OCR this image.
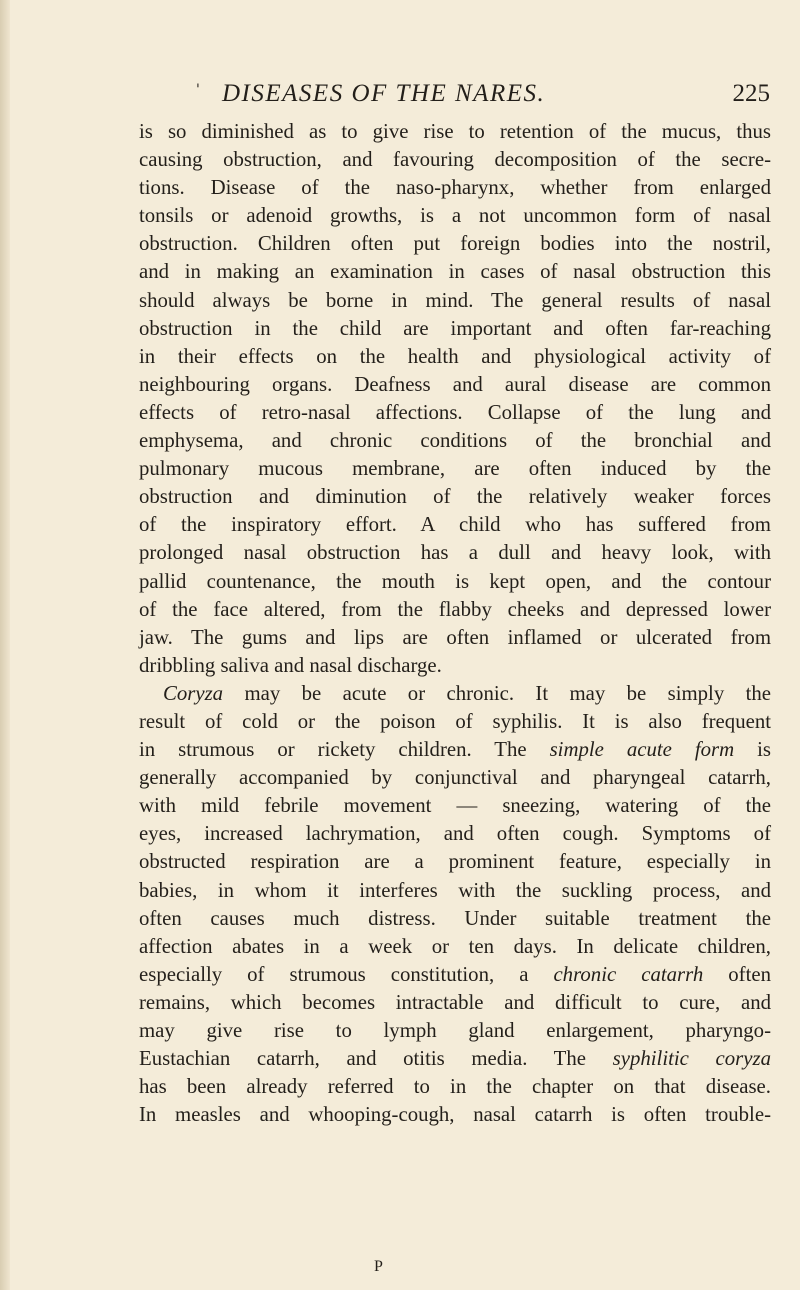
' DISEASES OF THE NARES.	225
is so diminished as to give rise to retention of the mucus, thus
causing obstruction, and favouring decomposition of the secre-
tions. Disease of the naso-pharynx, whether from enlarged
tonsils or adenoid growths, is a not uncommon form of nasal
obstruction. Children often put foreign bodies into the nostril,
and in making an examination in cases of nasal obstruction this
should always be borne in mind. The general results of nasal
obstruction in the child are important and often far-reaching
in their effects on the health and physiological activity of
neighbouring organs. Deafness and aural disease are common
effects of retro-nasal affections. Collapse of the lung and
emphysema, and chronic conditions of the bronchial and
pulmonary mucous membrane, are often induced by the
obstruction and diminution of the relatively weaker forces
of the inspiratory effort. A child who has suffered from
prolonged nasal obstruction has a dull and heavy look, with
pallid countenance, the mouth is kept open, and the contour
of the face altered, from the flabby cheeks and depressed lower
jaw. The gums and lips are often inflamed or ulcerated from
dribbling saliva and nasal discharge.
Coryza may be acute or chronic. It may be simply the
result of cold or the poison of syphilis. It is also frequent
in strumous or rickety children. The simple acute form is
generally accompanied by conjunctival and pharyngeal catarrh,
with mild febrile movement — sneezing, watering of the
eyes, increased lachrymation, and often cough. Symptoms of
obstructed respiration are a prominent feature, especially in
babies, in whom it interferes with the suckling process, and
often causes much distress. Under suitable treatment the
affection abates in a week or ten days. In delicate children,
especially of strumous constitution, a chronic catarrh often
remains, which becomes intractable and difficult to cure, and
may give rise to lymph gland enlargement, pharyngo-
Eustachian catarrh, and otitis media. The syphilitic coryza
has been already referred to in the chapter on that disease.
In measles and whooping-cough, nasal catarrh is often trouble-
P
